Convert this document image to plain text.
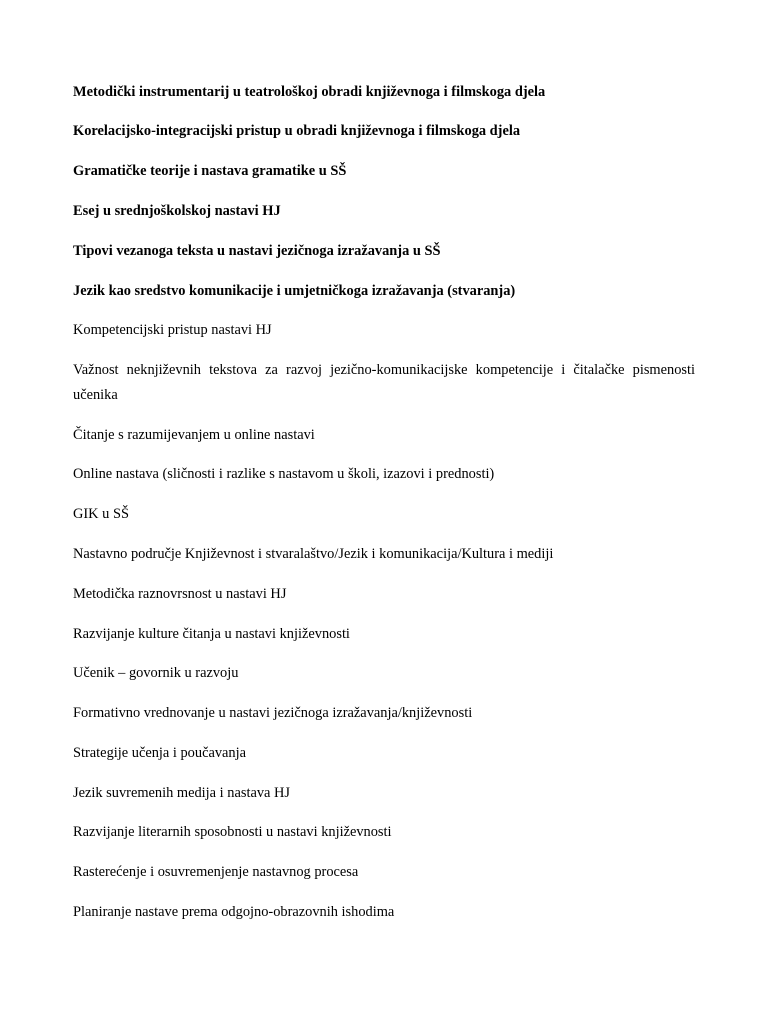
Metodički instrumentarij u teatrološkoj obradi književnoga i filmskoga djela

Korelacijsko-integracijski pristup u obradi književnoga i filmskoga djela

Gramatičke teorije i nastava gramatike u SŠ

Esej u srednjoškolskoj nastavi HJ

Tipovi vezanoga teksta u nastavi jezičnoga izražavanja u SŠ

Jezik kao sredstvo komunikacije i umjetničkoga izražavanja (stvaranja)

Kompetencijski pristup nastavi HJ

Važnost neknjiževnih tekstova za razvoj jezično-komunikacijske kompetencije i čitalačke pismenosti učenika

Čitanje s razumijevanjem u online nastavi

Online nastava (sličnosti i razlike s nastavom u školi, izazovi i prednosti)

GIK u SŠ

Nastavno područje Književnost i stvaralaštvo/Jezik i komunikacija/Kultura i mediji

Metodička raznovrsnost u nastavi HJ

Razvijanje kulture čitanja u nastavi književnosti

Učenik – govornik u razvoju

Formativno vrednovanje u nastavi jezičnoga izražavanja/književnosti

Strategije učenja i poučavanja

Jezik suvremenih medija i nastava HJ

Razvijanje literarnih sposobnosti u nastavi književnosti

Rasterećenje i osuvremenjenje nastavnog procesa

Planiranje nastave prema odgojno-obrazovnih ishodima
